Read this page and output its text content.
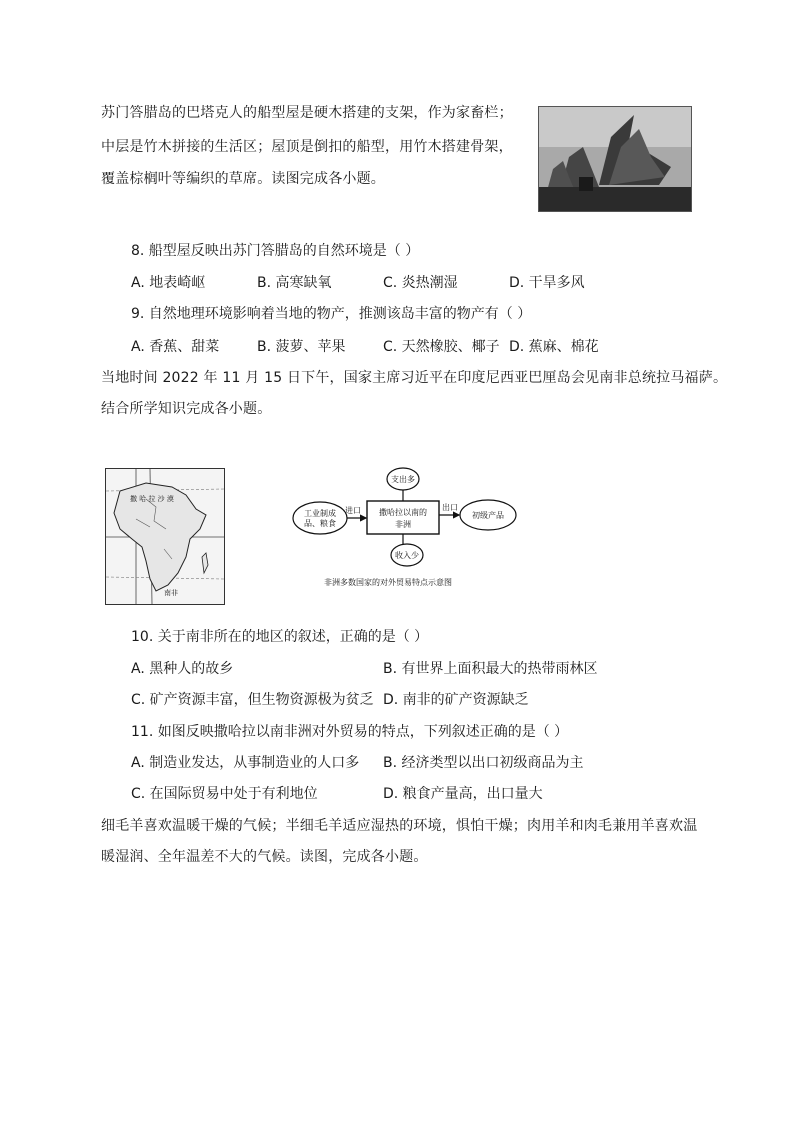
苏门答腊岛的巴塔克人的船型屋是硬木搭建的支架，作为家畜栏；
中层是竹木拼接的生活区；屋顶是倒扣的船型，用竹木搭建骨架，
覆盖棕榈叶等编织的草席。读图完成各小题。
8. 船型屋反映出苏门答腊岛的自然环境是（ ）
A. 地表崎岖	B. 高寒缺氧	C. 炎热潮湿	D. 干旱多风
9. 自然地理环境影响着当地的物产，推测该岛丰富的物产有（ ）
A. 香蕉、甜菜	B. 菠萝、苹果	C. 天然橡胶、椰子 D. 蕉麻、棉花
当地时间 2022 年 11 月 15 日下午，国家主席习近平在印度尼西亚巴厘岛会见南非总统拉马福萨。
结合所学知识完成各小题。
撒 哈 拉 沙 漠
南非
支出多
撒哈拉以南的
非洲
收入少
工业制成
品、粮食
进口
初级产品
出口
非洲多数国家的对外贸易特点示意图
10. 关于南非所在的地区的叙述，正确的是（ ）
A. 黑种人的故乡	B. 有世界上面积最大的热带雨林区
C. 矿产资源丰富，但生物资源极为贫乏 D. 南非的矿产资源缺乏
11. 如图反映撒哈拉以南非洲对外贸易的特点，下列叙述正确的是（ ）
A. 制造业发达，从事制造业的人口多 B. 经济类型以出口初级商品为主
C. 在国际贸易中处于有利地位	D. 粮食产量高，出口量大
细毛羊喜欢温暖干燥的气候；半细毛羊适应湿热的环境，惧怕干燥；肉用羊和肉毛兼用羊喜欢温
暖湿润、全年温差不大的气候。读图，完成各小题。
